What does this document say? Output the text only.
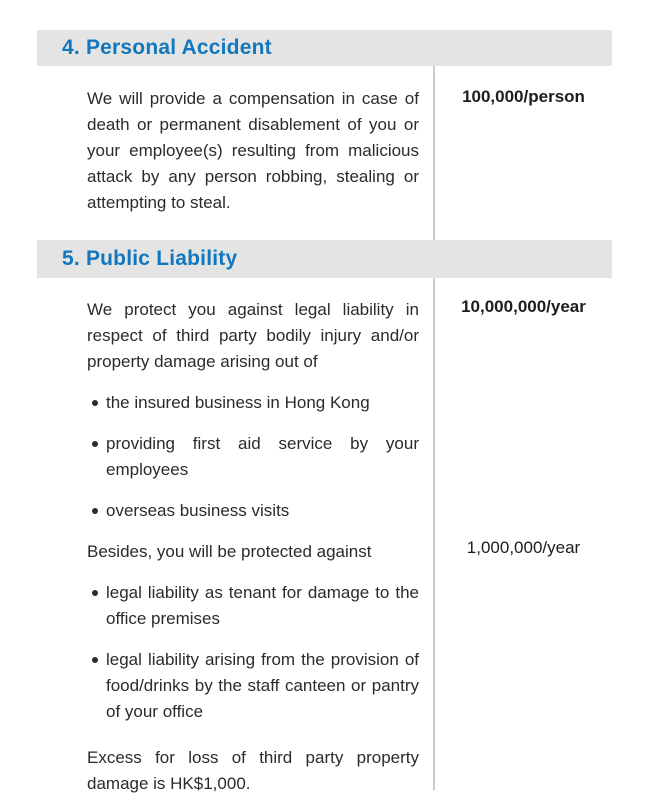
4. Personal Accident

We will provide a compensation in case of death or permanent disablement of you or your employee(s) resulting from malicious attack by any person robbing, stealing or attempting to steal.

100,000/person
5. Public Liability

We protect you against legal liability in respect of third party bodily injury and/or property damage arising out of

the insured business in Hong Kong
providing first aid service by your employees
overseas business visits

Besides, you will be protected against

legal liability as tenant for damage to the office premises
legal liability arising from the provision of food/drinks by the staff canteen or pantry of your office

Excess for loss of third party property damage is HK$1,000.

10,000,000/year
1,000,000/year
